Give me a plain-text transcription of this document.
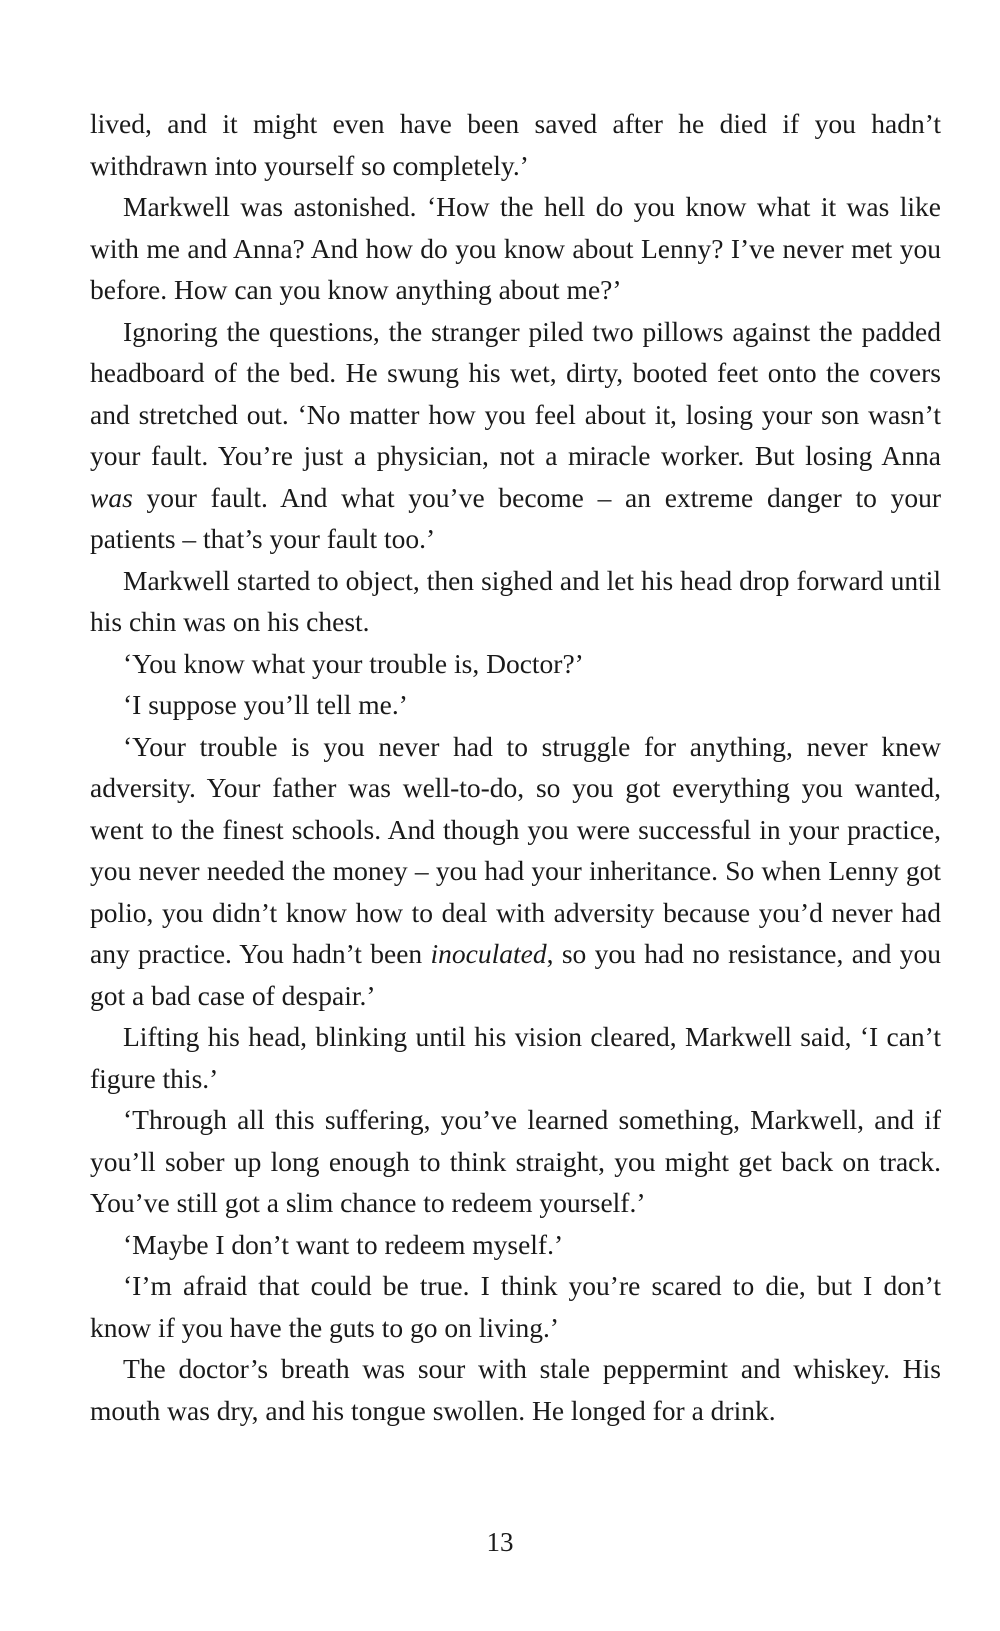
lived, and it might even have been saved after he died if you hadn’t withdrawn into yourself so completely.’

Markwell was astonished. ‘How the hell do you know what it was like with me and Anna? And how do you know about Lenny? I’ve never met you before. How can you know anything about me?’

Ignoring the questions, the stranger piled two pillows against the padded headboard of the bed. He swung his wet, dirty, booted feet onto the covers and stretched out. ‘No matter how you feel about it, losing your son wasn’t your fault. You’re just a physician, not a miracle worker. But losing Anna was your fault. And what you’ve become – an extreme danger to your patients – that’s your fault too.’

Markwell started to object, then sighed and let his head drop forward until his chin was on his chest.

‘You know what your trouble is, Doctor?’

‘I suppose you’ll tell me.’

‘Your trouble is you never had to struggle for anything, never knew adversity. Your father was well-to-do, so you got everything you wanted, went to the finest schools. And though you were successful in your practice, you never needed the money – you had your inheritance. So when Lenny got polio, you didn’t know how to deal with adversity because you’d never had any practice. You hadn’t been inoculated, so you had no resistance, and you got a bad case of despair.’

Lifting his head, blinking until his vision cleared, Markwell said, ‘I can’t figure this.’

‘Through all this suffering, you’ve learned something, Markwell, and if you’ll sober up long enough to think straight, you might get back on track. You’ve still got a slim chance to redeem yourself.’

‘Maybe I don’t want to redeem myself.’

‘I’m afraid that could be true. I think you’re scared to die, but I don’t know if you have the guts to go on living.’

The doctor’s breath was sour with stale peppermint and whiskey. His mouth was dry, and his tongue swollen. He longed for a drink.

13
